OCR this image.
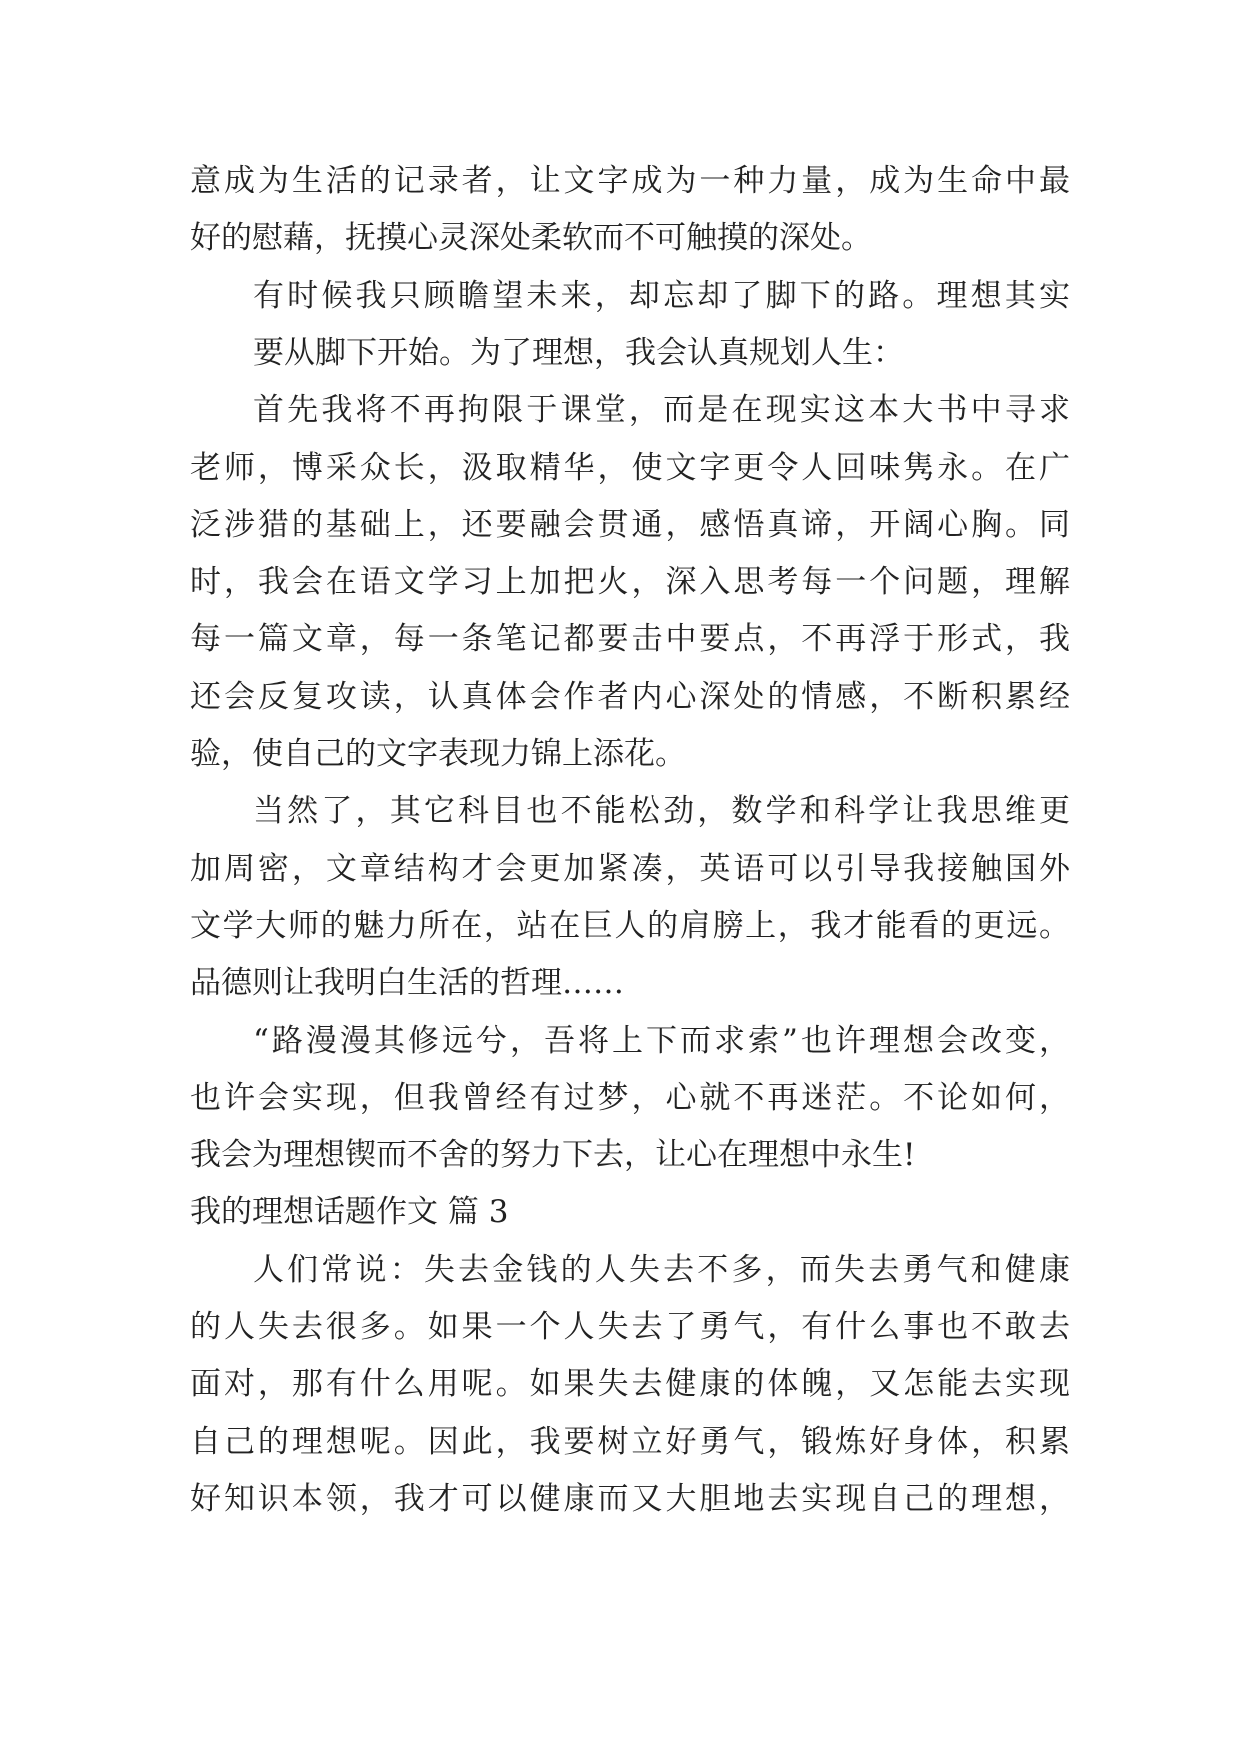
意成为生活的记录者，让文字成为一种力量，成为生命中最
好的慰藉，抚摸心灵深处柔软而不可触摸的深处。
有时候我只顾瞻望未来，却忘却了脚下的路。理想其实
要从脚下开始。为了理想，我会认真规划人生：
首先我将不再拘限于课堂，而是在现实这本大书中寻求
老师，博采众长，汲取精华，使文字更令人回味隽永。在广
泛涉猎的基础上，还要融会贯通，感悟真谛，开阔心胸。同
时，我会在语文学习上加把火，深入思考每一个问题，理解
每一篇文章，每一条笔记都要击中要点，不再浮于形式，我
还会反复攻读，认真体会作者内心深处的情感，不断积累经
验，使自己的文字表现力锦上添花。
当然了，其它科目也不能松劲，数学和科学让我思维更
加周密，文章结构才会更加紧凑，英语可以引导我接触国外
文学大师的魅力所在，站在巨人的肩膀上，我才能看的更远。
品德则让我明白生活的哲理……
“路漫漫其修远兮，吾将上下而求索”也许理想会改变，
也许会实现，但我曾经有过梦，心就不再迷茫。不论如何，
我会为理想锲而不舍的努力下去，让心在理想中永生!
我的理想话题作文 篇 3
人们常说：失去金钱的人失去不多，而失去勇气和健康
的人失去很多。如果一个人失去了勇气，有什么事也不敢去
面对，那有什么用呢。如果失去健康的体魄，又怎能去实现
自己的理想呢。因此，我要树立好勇气，锻炼好身体，积累
好知识本领，我才可以健康而又大胆地去实现自己的理想，
